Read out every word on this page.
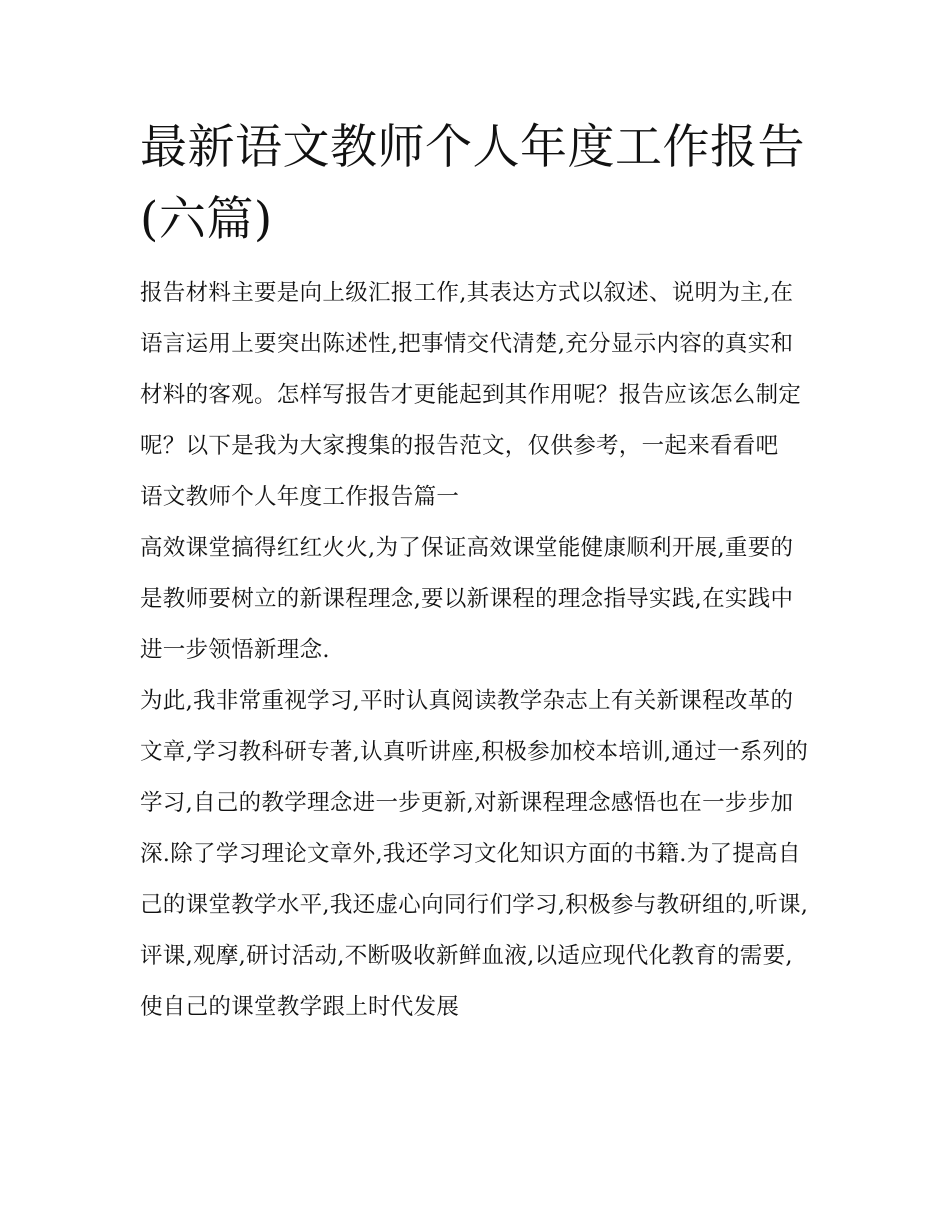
最新语文教师个人年度工作报告(六篇)

报告材料主要是向上级汇报工作,其表达方式以叙述、说明为主,在语言运用上要突出陈述性,把事情交代清楚,充分显示内容的真实和材料的客观。怎样写报告才更能起到其作用呢？报告应该怎么制定呢？以下是我为大家搜集的报告范文，仅供参考，一起来看看吧

语文教师个人年度工作报告篇一

高效课堂搞得红红火火,为了保证高效课堂能健康顺利开展,重要的是教师要树立的新课程理念,要以新课程的理念指导实践,在实践中进一步领悟新理念.

为此,我非常重视学习,平时认真阅读教学杂志上有关新课程改革的文章,学习教科研专著,认真听讲座,积极参加校本培训,通过一系列的学习,自己的教学理念进一步更新,对新课程理念感悟也在一步步加深.除了学习理论文章外,我还学习文化知识方面的书籍.为了提高自己的课堂教学水平,我还虚心向同行们学习,积极参与教研组的,听课,评课,观摩,研讨活动,不断吸收新鲜血液,以适应现代化教育的需要,使自己的课堂教学跟上时代发展
